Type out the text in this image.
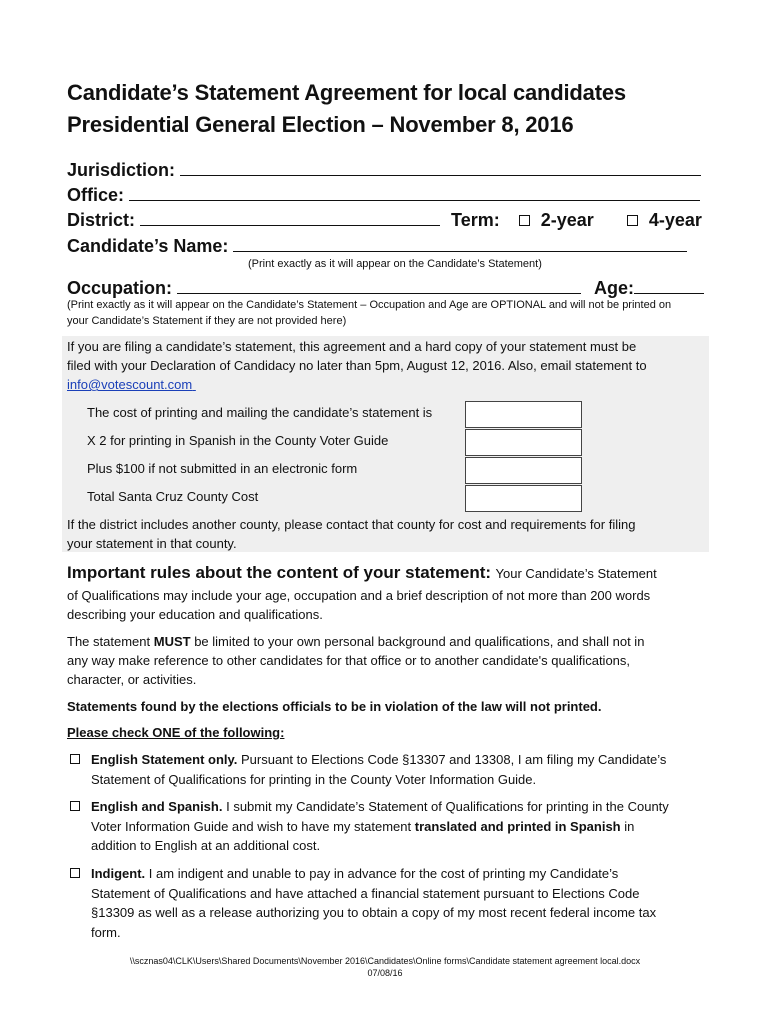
Candidate’s Statement Agreement for local candidates
Presidential General Election – November 8, 2016
Jurisdiction:
Office:
District:	Term: 2-year	4-year
Candidate’s Name:
(Print exactly as it will appear on the Candidate’s Statement)
Occupation:	Age:
(Print exactly as it will appear on the Candidate’s Statement – Occupation and Age are OPTIONAL and will not be printed on
your Candidate’s Statement if they are not provided here)
If you are filing a candidate’s statement, this agreement and a hard copy of your statement must be
filed with your Declaration of Candidacy no later than 5pm, August 12, 2016. Also, email statement to
info@votescount.com
The cost of printing and mailing the candidate’s statement is
X 2 for printing in Spanish in the County Voter Guide
Plus $100 if not submitted in an electronic form
Total Santa Cruz County Cost
If the district includes another county, please contact that county for cost and requirements for filing
your statement in that county.
Important rules about the content of your statement: Your Candidate’s Statement
of Qualifications may include your age, occupation and a brief description of not more than 200 words
describing your education and qualifications.
The statement MUST be limited to your own personal background and qualifications, and shall not in
any way make reference to other candidates for that office or to another candidate's qualifications,
character, or activities.
Statements found by the elections officials to be in violation of the law will not printed.
Please check ONE of the following:
English Statement only. Pursuant to Elections Code §13307 and 13308, I am filing my Candidate’s
Statement of Qualifications for printing in the County Voter Information Guide.
English and Spanish. I submit my Candidate’s Statement of Qualifications for printing in the County
Voter Information Guide and wish to have my statement translated and printed in Spanish in
addition to English at an additional cost.
Indigent. I am indigent and unable to pay in advance for the cost of printing my Candidate’s
Statement of Qualifications and have attached a financial statement pursuant to Elections Code
§13309 as well as a release authorizing you to obtain a copy of my most recent federal income tax
form.
\\scznas04\CLK\Users\Shared Documents\November 2016\Candidates\Online forms\Candidate statement agreement local.docx
07/08/16
